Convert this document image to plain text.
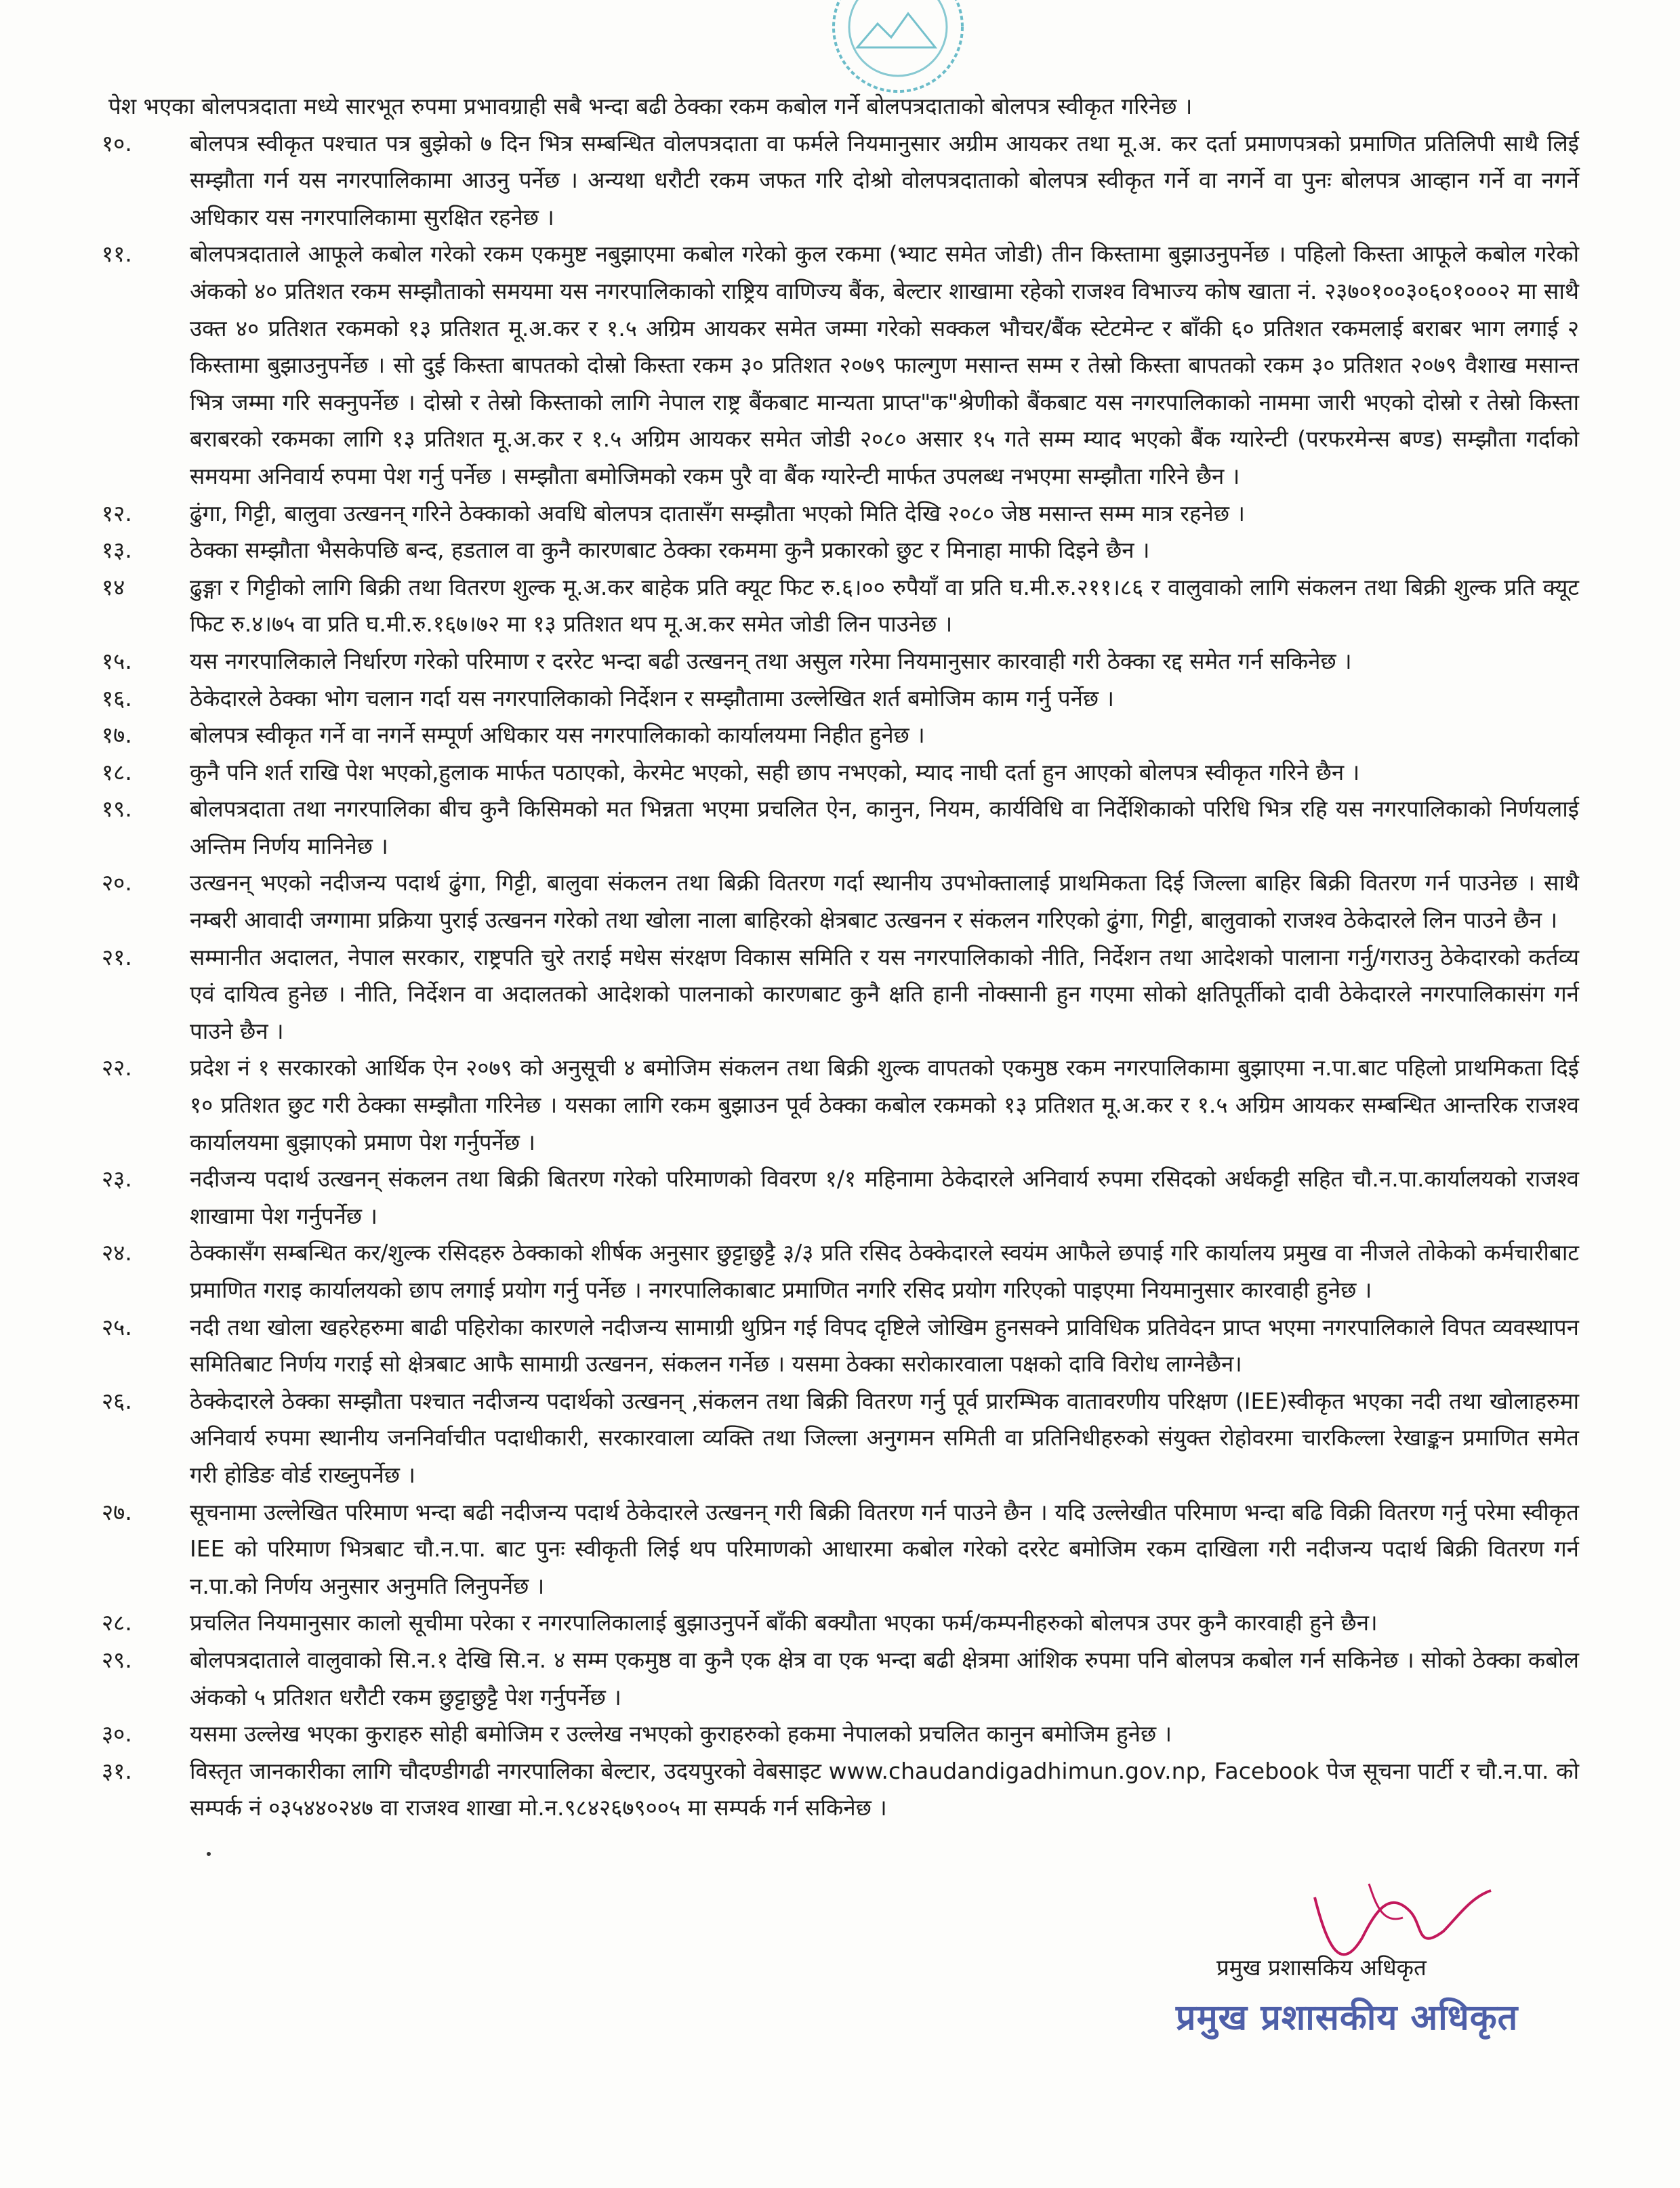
पेश भएका बोलपत्रदाता मध्ये सारभूत रुपमा प्रभावग्राही सबै भन्दा बढी ठेक्का रकम कबोल गर्ने बोलपत्रदाताको बोलपत्र स्वीकृत गरिनेछ ।
१०.	बोलपत्र स्वीकृत पश्चात पत्र बुझेको ७ दिन भित्र सम्बन्धित वोलपत्रदाता वा फर्मले नियमानुसार अग्रीम आयकर तथा मू.अ. कर दर्ता प्रमाणपत्रको प्रमाणित प्रतिलिपी साथै लिई सम्झौता गर्न यस नगरपालिकामा आउनु पर्नेछ । अन्यथा धरौटी रकम जफत गरि दोश्रो वोलपत्रदाताको बोलपत्र स्वीकृत गर्ने वा नगर्ने वा पुनः बोलपत्र आव्हान गर्ने वा नगर्ने अधिकार यस नगरपालिकामा सुरक्षित रहनेछ ।
११.	बोलपत्रदाताले आफूले कबोल गरेको रकम एकमुष्ट नबुझाएमा कबोल गरेको कुल रकमा (भ्याट समेत जोडी) तीन किस्तामा बुझाउनुपर्नेछ । पहिलो किस्ता आफूले कबोल गरेको अंकको ४० प्रतिशत रकम सम्झौताको समयमा यस नगरपालिकाको राष्ट्रिय वाणिज्य बैंक, बेल्टार शाखामा रहेको राजश्व विभाज्य कोष खाता नं. २३७०१००३०६०१०००२ मा साथै उक्त ४० प्रतिशत रकमको १३ प्रतिशत मू.अ.कर र १.५ अग्रिम आयकर समेत जम्मा गरेको सक्कल भौचर/बैंक स्टेटमेन्ट र बाँकी ६० प्रतिशत रकमलाई बराबर भाग लगाई २ किस्तामा बुझाउनुपर्नेछ । सो दुई किस्ता बापतको दोस्रो किस्ता रकम ३० प्रतिशत २०७९ फाल्गुण मसान्त सम्म र तेस्रो किस्ता बापतको रकम ३० प्रतिशत २०७९ वैशाख मसान्त भित्र जम्मा गरि सक्नुपर्नेछ । दोस्रो र तेस्रो किस्ताको लागि नेपाल राष्ट्र बैंकबाट मान्यता प्राप्त"क"श्रेणीको बैंकबाट यस नगरपालिकाको नाममा जारी भएको दोस्रो र तेस्रो किस्ता बराबरको रकमका लागि १३ प्रतिशत मू.अ.कर र १.५ अग्रिम आयकर समेत जोडी २०८० असार १५ गते सम्म म्याद भएको बैंक ग्यारेन्टी (परफरमेन्स बण्ड) सम्झौता गर्दाको समयमा अनिवार्य रुपमा पेश गर्नु पर्नेछ । सम्झौता बमोजिमको रकम पुरै वा बैंक ग्यारेन्टी मार्फत उपलब्ध नभएमा सम्झौता गरिने छैन ।
१२.	ढुंगा, गिट्टी, बालुवा उत्खनन् गरिने ठेक्काको अवधि बोलपत्र दातासँग सम्झौता भएको मिति देखि २०८० जेष्ठ मसान्त सम्म मात्र रहनेछ ।
१३.	ठेक्का सम्झौता भैसकेपछि बन्द, हडताल वा कुनै कारणबाट ठेक्का रकममा कुनै प्रकारको छुट र मिनाहा माफी दिइने छैन ।
१४	ढुङ्गा र गिट्टीको लागि बिक्री तथा वितरण शुल्क मू.अ.कर बाहेक प्रति क्यूट फिट रु.६।०० रुपैयाँ वा प्रति घ.मी.रु.२११।८६ र वालुवाको लागि संकलन तथा बिक्री शुल्क प्रति क्यूट फिट रु.४।७५ वा प्रति घ.मी.रु.१६७।७२ मा १३ प्रतिशत थप मू.अ.कर समेत जोडी लिन पाउनेछ ।
१५.	यस नगरपालिकाले निर्धारण गरेको परिमाण र दररेट भन्दा बढी उत्खनन् तथा असुल गरेमा नियमानुसार कारवाही गरी ठेक्का रद्द समेत गर्न सकिनेछ ।
१६.	ठेकेदारले ठेक्का भोग चलान गर्दा यस नगरपालिकाको निर्देशन र सम्झौतामा उल्लेखित शर्त बमोजिम काम गर्नु पर्नेछ ।
१७.	बोलपत्र स्वीकृत गर्ने वा नगर्ने सम्पूर्ण अधिकार यस नगरपालिकाको कार्यालयमा निहीत हुनेछ ।
१८.	कुनै पनि शर्त राखि पेश भएको,हुलाक मार्फत पठाएको, केरमेट भएको, सही छाप नभएको, म्याद नाघी दर्ता हुन आएको बोलपत्र स्वीकृत गरिने छैन ।
१९.	बोलपत्रदाता तथा नगरपालिका बीच कुनै किसिमको मत भिन्नता भएमा प्रचलित ऐन, कानुन, नियम, कार्यविधि वा निर्देशिकाको परिधि भित्र रहि यस नगरपालिकाको निर्णयलाई अन्तिम निर्णय मानिनेछ ।
२०.	उत्खनन् भएको नदीजन्य पदार्थ ढुंगा, गिट्टी, बालुवा संकलन तथा बिक्री वितरण गर्दा स्थानीय उपभोक्तालाई प्राथमिकता दिई जिल्ला बाहिर बिक्री वितरण गर्न पाउनेछ । साथै नम्बरी आवादी जग्गामा प्रक्रिया पुराई उत्खनन गरेको तथा खोला नाला बाहिरको क्षेत्रबाट उत्खनन र संकलन गरिएको ढुंगा, गिट्टी, बालुवाको राजश्व ठेकेदारले लिन पाउने छैन ।
२१.	सम्मानीत अदालत, नेपाल सरकार, राष्ट्रपति चुरे तराई मधेस संरक्षण विकास समिति र यस नगरपालिकाको नीति, निर्देशन तथा आदेशको पालाना गर्नु/गराउनु ठेकेदारको कर्तव्य एवं दायित्व हुनेछ । नीति, निर्देशन वा अदालतको आदेशको पालनाको कारणबाट कुनै क्षति हानी नोक्सानी हुन गएमा सोको क्षतिपूर्तीको दावी ठेकेदारले नगरपालिकासंग गर्न पाउने छैन ।
२२.	प्रदेश नं १ सरकारको आर्थिक ऐन २०७९ को अनुसूची ४ बमोजिम संकलन तथा बिक्री शुल्क वापतको एकमुष्ठ रकम नगरपालिकामा बुझाएमा न.पा.बाट पहिलो प्राथमिकता दिई १० प्रतिशत छुट गरी ठेक्का सम्झौता गरिनेछ । यसका लागि रकम बुझाउन पूर्व ठेक्का कबोल रकमको १३ प्रतिशत मू.अ.कर र १.५ अग्रिम आयकर सम्बन्धित आन्तरिक राजश्व कार्यालयमा बुझाएको प्रमाण पेश गर्नुपर्नेछ ।
२३.	नदीजन्य पदार्थ उत्खनन् संकलन तथा बिक्री बितरण गरेको परिमाणको विवरण १/१ महिनामा ठेकेदारले अनिवार्य रुपमा रसिदको अर्धकट्टी सहित चौ.न.पा.कार्यालयको राजश्व शाखामा पेश गर्नुपर्नेछ ।
२४.	ठेक्कासँग सम्बन्धित कर/शुल्क रसिदहरु ठेक्काको शीर्षक अनुसार छुट्टाछुट्टै ३/३ प्रति रसिद ठेक्केदारले स्वयंम आफैले छपाई गरि कार्यालय प्रमुख वा नीजले तोकेको कर्मचारीबाट प्रमाणित गराइ कार्यालयको छाप लगाई प्रयोग गर्नु पर्नेछ । नगरपालिकाबाट प्रमाणित नगरि रसिद प्रयोग गरिएको पाइएमा नियमानुसार कारवाही हुनेछ ।
२५.	नदी तथा खोला खहरेहरुमा बाढी पहिरोका कारणले नदीजन्य सामाग्री थुप्रिन गई विपद दृष्टिले जोखिम हुनसक्ने प्राविधिक प्रतिवेदन प्राप्त भएमा नगरपालिकाले विपत व्यवस्थापन समितिबाट निर्णय गराई सो क्षेत्रबाट आफै सामाग्री उत्खनन, संकलन गर्नेछ । यसमा ठेक्का सरोकारवाला पक्षको दावि विरोध लाग्नेछैन।
२६.	ठेक्केदारले ठेक्का सम्झौता पश्चात नदीजन्य पदार्थको उत्खनन् ,संकलन तथा बिक्री वितरण गर्नु पूर्व प्रारम्भिक वातावरणीय परिक्षण (IEE)स्वीकृत भएका नदी तथा खोलाहरुमा अनिवार्य रुपमा स्थानीय जननिर्वाचीत पदाधीकारी, सरकारवाला व्यक्ति तथा जिल्ला अनुगमन समिती वा प्रतिनिधीहरुको संयुक्त रोहोवरमा चारकिल्ला रेखाङ्कन प्रमाणित समेत गरी होडिङ वोर्ड राख्नुपर्नेछ ।
२७.	सूचनामा उल्लेखित परिमाण भन्दा बढी नदीजन्य पदार्थ ठेकेदारले उत्खनन् गरी बिक्री वितरण गर्न पाउने छैन । यदि उल्लेखीत परिमाण भन्दा बढि विक्री वितरण गर्नु परेमा स्वीकृत IEE को परिमाण भित्रबाट चौ.न.पा. बाट पुनः स्वीकृती लिई थप परिमाणको आधारमा कबोल गरेको दररेट बमोजिम रकम दाखिला गरी नदीजन्य पदार्थ बिक्री वितरण गर्न न.पा.को निर्णय अनुसार अनुमति लिनुपर्नेछ ।
२८.	प्रचलित नियमानुसार कालो सूचीमा परेका र नगरपालिकालाई बुझाउनुपर्ने बाँकी बक्यौता भएका फर्म/कम्पनीहरुको बोलपत्र उपर कुनै कारवाही हुने छैन।
२९.	बोलपत्रदाताले वालुवाको सि.न.१ देखि सि.न. ४ सम्म एकमुष्ठ वा कुनै एक क्षेत्र वा एक भन्दा बढी क्षेत्रमा आंशिक रुपमा पनि बोलपत्र कबोल गर्न सकिनेछ । सोको ठेक्का कबोल अंकको ५ प्रतिशत धरौटी रकम छुट्टाछुट्टै पेश गर्नुपर्नेछ ।
३०.	यसमा उल्लेख भएका कुराहरु सोही बमोजिम र उल्लेख नभएको कुराहरुको हकमा नेपालको प्रचलित कानुन बमोजिम हुनेछ ।
३१.	विस्तृत जानकारीका लागि चौदण्डीगढी नगरपालिका बेल्टार, उदयपुरको वेबसाइट www.chaudandigadhimun.gov.np, Facebook पेज सूचना पार्टी र चौ.न.पा. को सम्पर्क नं ०३५४४०२४७ वा राजश्व शाखा मो.न.९८४२६७९००५ मा सम्पर्क गर्न सकिनेछ ।
प्रमुख प्रशासकिय अधिकृत
प्रमुख प्रशासकीय अधिकृत
